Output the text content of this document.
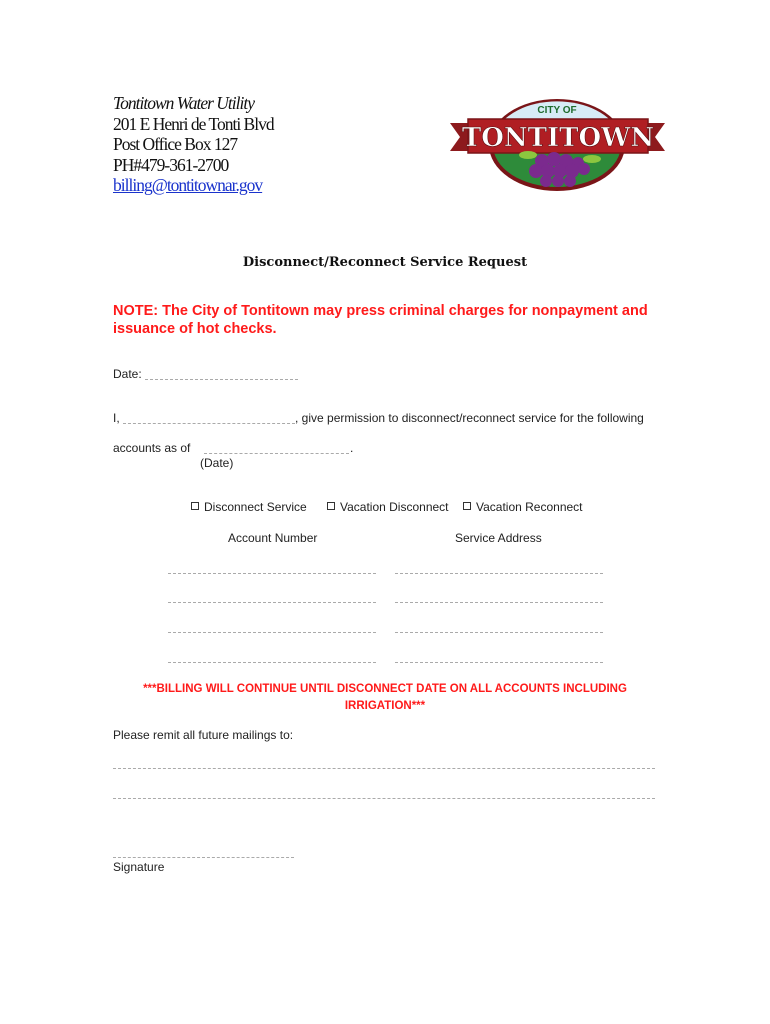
Tontitown Water Utility
201 E Henri de Tonti Blvd
Post Office Box 127
PH#479-361-2700
billing@tontitownar.gov
CITY OF
TONTITOWN
Disconnect/Reconnect Service Request
NOTE: The City of Tontitown may press criminal charges for nonpayment and issuance of hot checks.
Date:
I,	, give permission to disconnect/reconnect service for the following
accounts as of	.
(Date)
Disconnect Service	Vacation Disconnect	Vacation Reconnect
Account Number	Service Address
***BILLING WILL CONTINUE UNTIL DISCONNECT DATE ON ALL ACCOUNTS INCLUDING
IRRIGATION***
Please remit all future mailings to:
Signature
